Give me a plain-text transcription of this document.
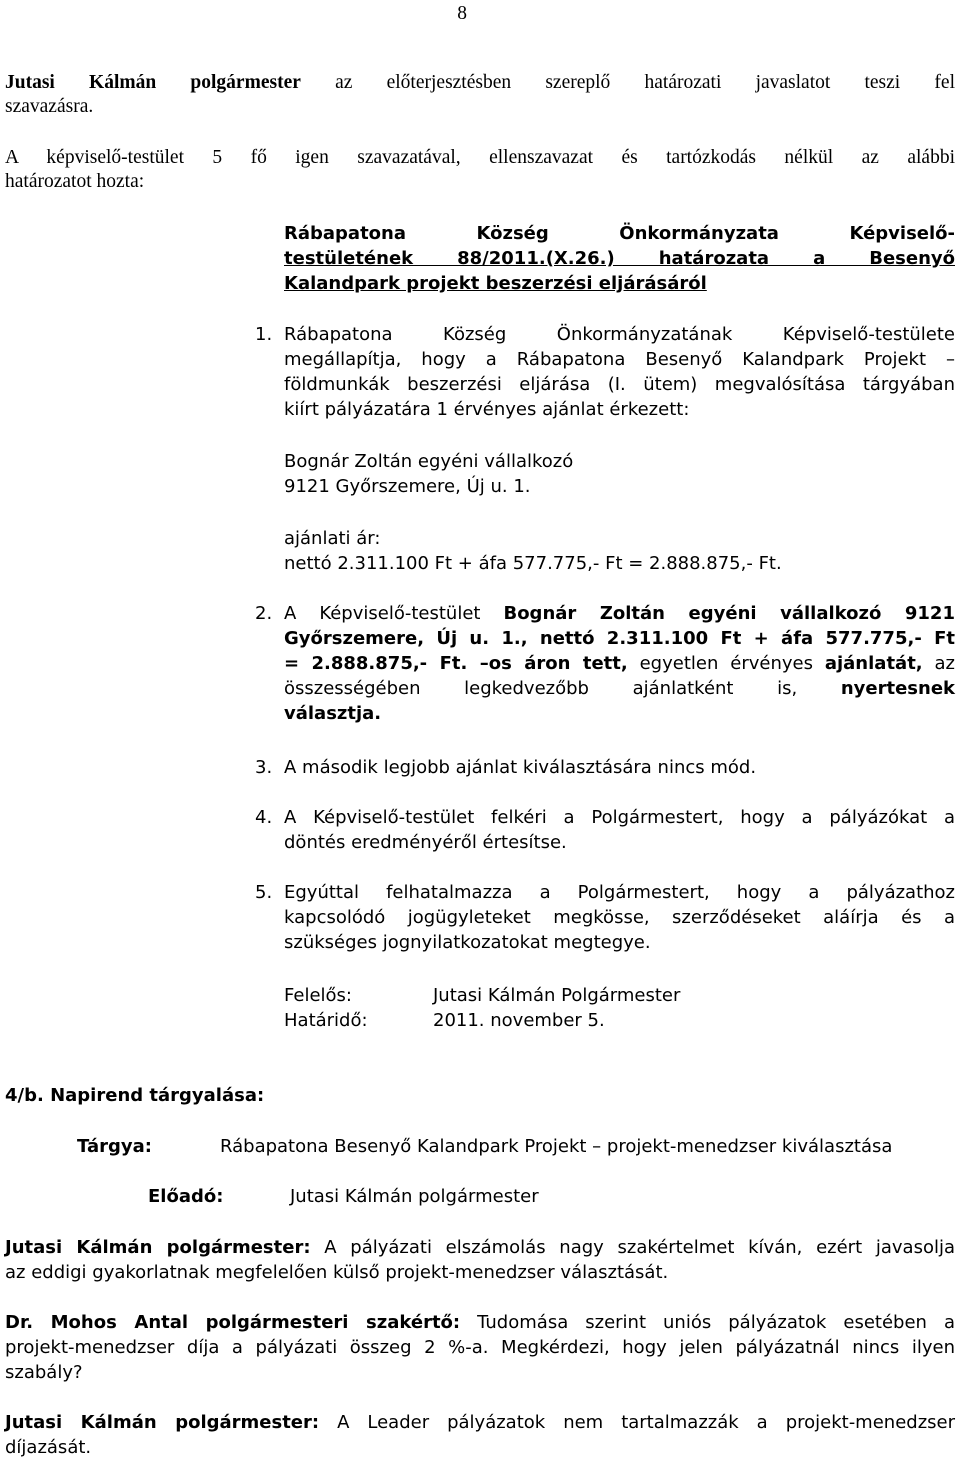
8
Jutasi Kálmán polgármester az előterjesztésben szereplő határozati javaslatot teszi fel
szavazásra.
A képviselő-testület 5 fő igen szavazatával, ellenszavazat és tartózkodás nélkül az alábbi
határozatot hozta:
Rábapatona Község Önkormányzata Képviselő-
testületének 88/2011.(X.26.) határozata a Besenyő
Kalandpark projekt beszerzési eljárásáról
1. Rábapatona Község Önkormányzatának Képviselő-testülete
megállapítja, hogy a Rábapatona Besenyő Kalandpark Projekt –
földmunkák beszerzési eljárása (I. ütem) megvalósítása tárgyában
kiírt pályázatára 1 érvényes ajánlat érkezett:
Bognár Zoltán egyéni vállalkozó
9121 Győrszemere, Új u. 1.
ajánlati ár:
nettó 2.311.100 Ft + áfa 577.775,- Ft = 2.888.875,- Ft.
2. A Képviselő-testület Bognár Zoltán egyéni vállalkozó 9121
Győrszemere, Új u. 1., nettó 2.311.100 Ft + áfa 577.775,- Ft
= 2.888.875,- Ft. –os áron tett, egyetlen érvényes ajánlatát, az
összességében legkedvezőbb ajánlatként is, nyertesnek
választja.
3. A második legjobb ajánlat kiválasztására nincs mód.
4. A Képviselő-testület felkéri a Polgármestert, hogy a pályázókat a
döntés eredményéről értesítse.
5. Egyúttal felhatalmazza a Polgármestert, hogy a pályázathoz
kapcsolódó jogügyleteket megkösse, szerződéseket aláírja és a
szükséges jognyilatkozatokat megtegye.
Felelős:	Jutasi Kálmán Polgármester
Határidő:	2011. november 5.
4/b. Napirend tárgyalása:
Tárgya:	Rábapatona Besenyő Kalandpark Projekt – projekt-menedzser kiválasztása
Előadó:	Jutasi Kálmán polgármester
Jutasi Kálmán polgármester: A pályázati elszámolás nagy szakértelmet kíván, ezért javasolja
az eddigi gyakorlatnak megfelelően külső projekt-menedzser választását.
Dr. Mohos Antal polgármesteri szakértő: Tudomása szerint uniós pályázatok esetében a
projekt-menedzser díja a pályázati összeg 2 %-a. Megkérdezi, hogy jelen pályázatnál nincs ilyen
szabály?
Jutasi Kálmán polgármester: A Leader pályázatok nem tartalmazzák a projekt-menedzser
díjazását.
